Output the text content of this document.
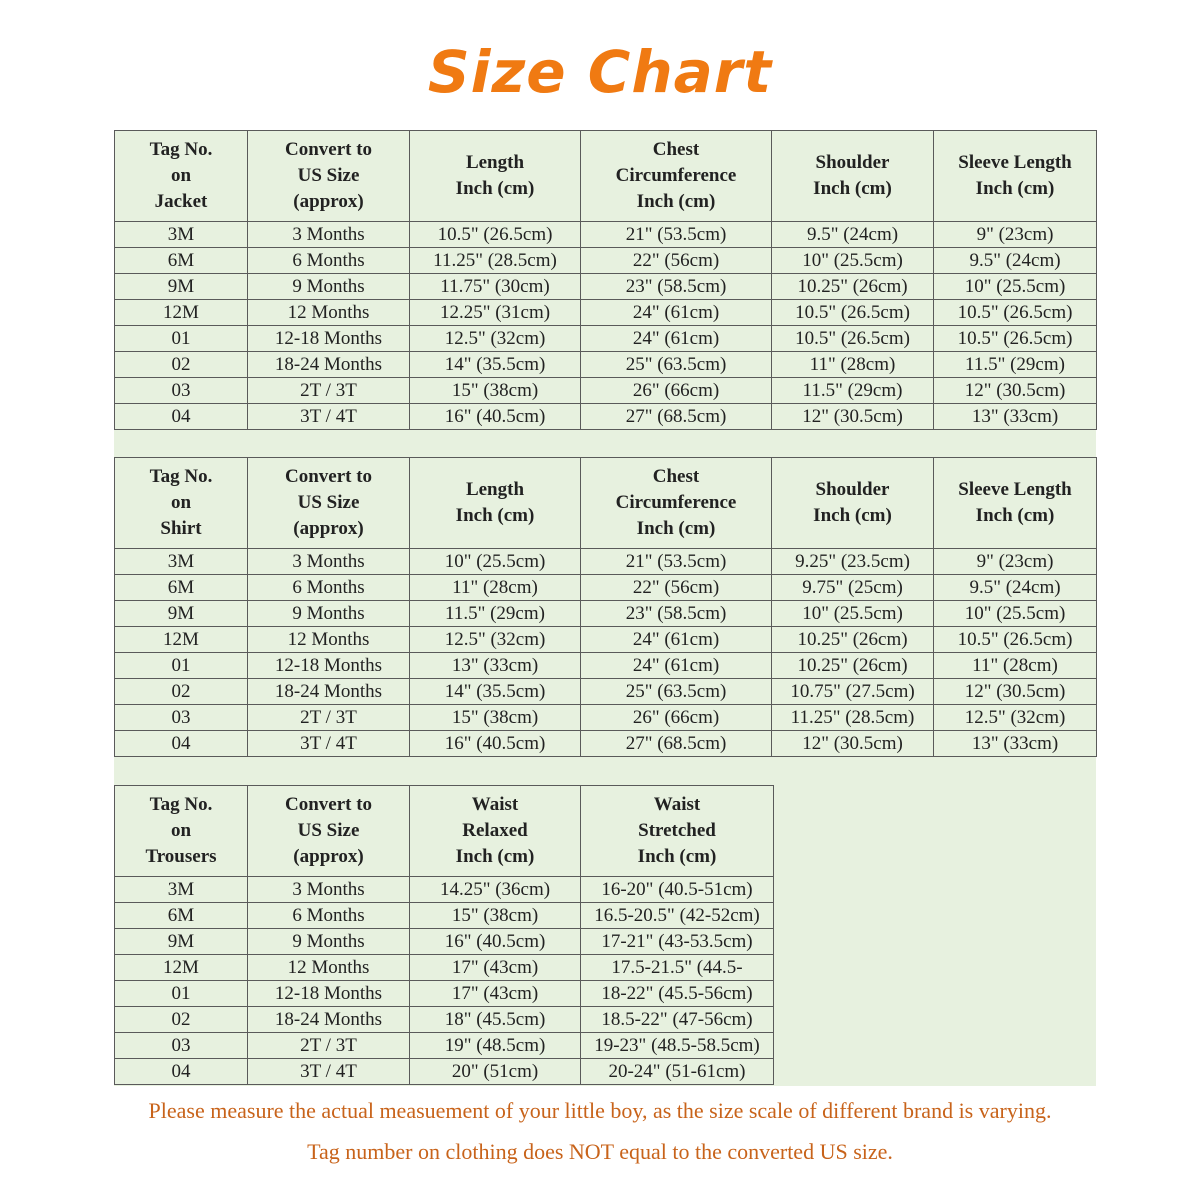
Size Chart
Tag No.
on
Jacket	Convert to
US Size
(approx)	Length
Inch (cm)	Chest
Circumference
Inch (cm)	Shoulder
Inch (cm)	Sleeve Length
Inch (cm)

3M	3 Months	10.5" (26.5cm)	21" (53.5cm)	9.5" (24cm)	9" (23cm)
6M	6 Months	11.25" (28.5cm)	22" (56cm)	10" (25.5cm)	9.5" (24cm)
9M	9 Months	11.75" (30cm)	23" (58.5cm)	10.25" (26cm)	10" (25.5cm)
12M	12 Months	12.25" (31cm)	24" (61cm)	10.5" (26.5cm)	10.5" (26.5cm)
01	12-18 Months	12.5" (32cm)	24" (61cm)	10.5" (26.5cm)	10.5" (26.5cm)
02	18-24 Months	14" (35.5cm)	25" (63.5cm)	11" (28cm)	11.5" (29cm)
03	2T / 3T	15" (38cm)	26" (66cm)	11.5" (29cm)	12" (30.5cm)
04	3T / 4T	16" (40.5cm)	27" (68.5cm)	12" (30.5cm)	13" (33cm)
Tag No.
on
Shirt	Convert to
US Size
(approx)	Length
Inch (cm)	Chest
Circumference
Inch (cm)	Shoulder
Inch (cm)	Sleeve Length
Inch (cm)

3M	3 Months	10" (25.5cm)	21" (53.5cm)	9.25" (23.5cm)	9" (23cm)
6M	6 Months	11" (28cm)	22" (56cm)	9.75" (25cm)	9.5" (24cm)
9M	9 Months	11.5" (29cm)	23" (58.5cm)	10" (25.5cm)	10" (25.5cm)
12M	12 Months	12.5" (32cm)	24" (61cm)	10.25" (26cm)	10.5" (26.5cm)
01	12-18 Months	13" (33cm)	24" (61cm)	10.25" (26cm)	11" (28cm)
02	18-24 Months	14" (35.5cm)	25" (63.5cm)	10.75" (27.5cm)	12" (30.5cm)
03	2T / 3T	15" (38cm)	26" (66cm)	11.25" (28.5cm)	12.5" (32cm)
04	3T / 4T	16" (40.5cm)	27" (68.5cm)	12" (30.5cm)	13" (33cm)
Tag No.
on
Trousers	Convert to
US Size
(approx)	Waist
Relaxed
Inch (cm)	Waist
Stretched
Inch (cm)

3M	3 Months	14.25" (36cm)	16-20" (40.5-51cm)
6M	6 Months	15" (38cm)	16.5-20.5" (42-52cm)
9M	9 Months	16" (40.5cm)	17-21" (43-53.5cm)
12M	12 Months	17" (43cm)	17.5-21.5" (44.5-
01	12-18 Months	17" (43cm)	18-22" (45.5-56cm)
02	18-24 Months	18" (45.5cm)	18.5-22" (47-56cm)
03	2T / 3T	19" (48.5cm)	19-23" (48.5-58.5cm)
04	3T / 4T	20" (51cm)	20-24" (51-61cm)
Please measure the actual measuement of your little boy, as the size scale of different brand is varying.
Tag number on clothing does NOT equal to the converted US size.
